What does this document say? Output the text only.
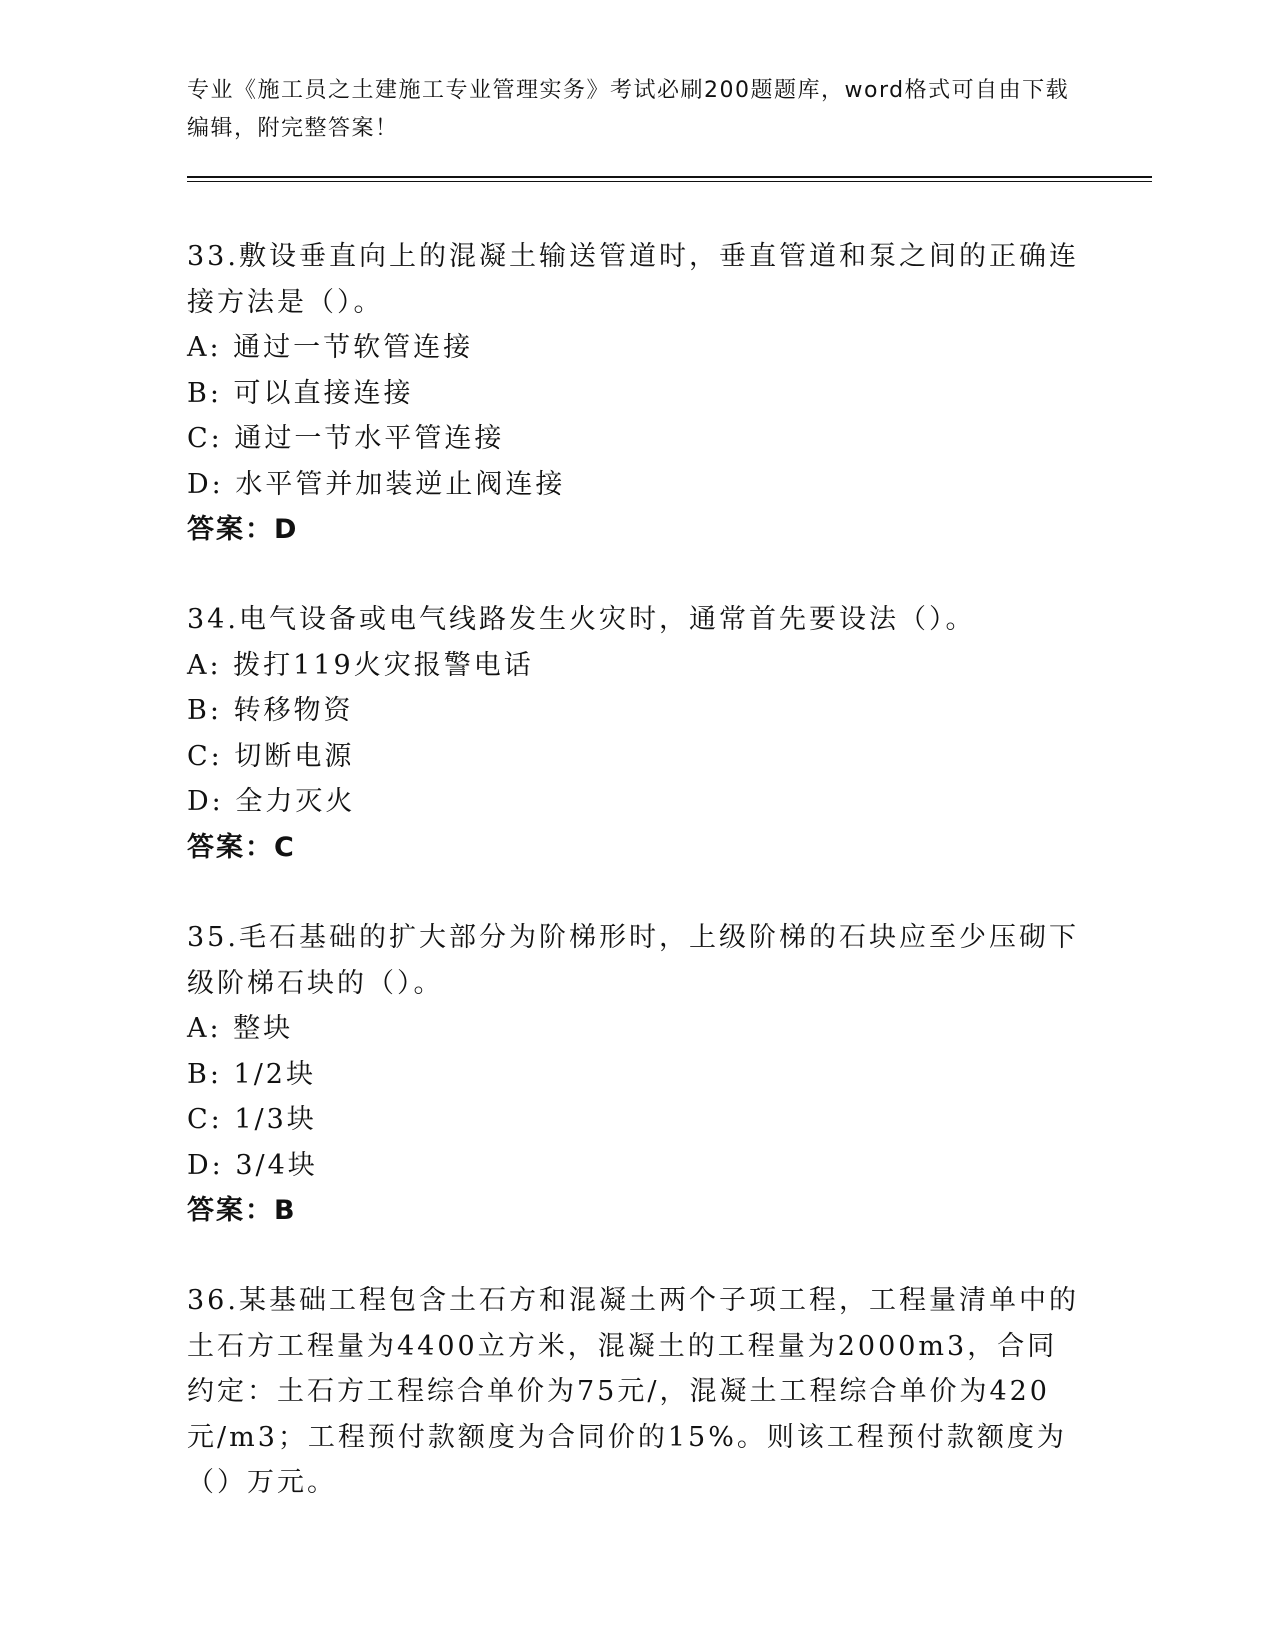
专业《施工员之土建施工专业管理实务》考试必刷200题题库，word格式可自由下载编辑，附完整答案！

33.敷设垂直向上的混凝土输送管道时，垂直管道和泵之间的正确连接方法是（）。

A: 通过一节软管连接

B: 可以直接连接

C: 通过一节水平管连接

D: 水平管并加装逆止阀连接

答案：D

34.电气设备或电气线路发生火灾时，通常首先要设法（）。

A: 拨打119火灾报警电话

B: 转移物资

C: 切断电源

D: 全力灭火

答案：C

35.毛石基础的扩大部分为阶梯形时，上级阶梯的石块应至少压砌下级阶梯石块的（）。

A: 整块

B: 1/2块

C: 1/3块

D: 3/4块

答案：B

36.某基础工程包含土石方和混凝土两个子项工程，工程量清单中的土石方工程量为4400立方米，混凝土的工程量为2000m3，合同约定：土石方工程综合单价为75元/，混凝土工程综合单价为420元/m3；工程预付款额度为合同价的15%。则该工程预付款额度为（）万元。
